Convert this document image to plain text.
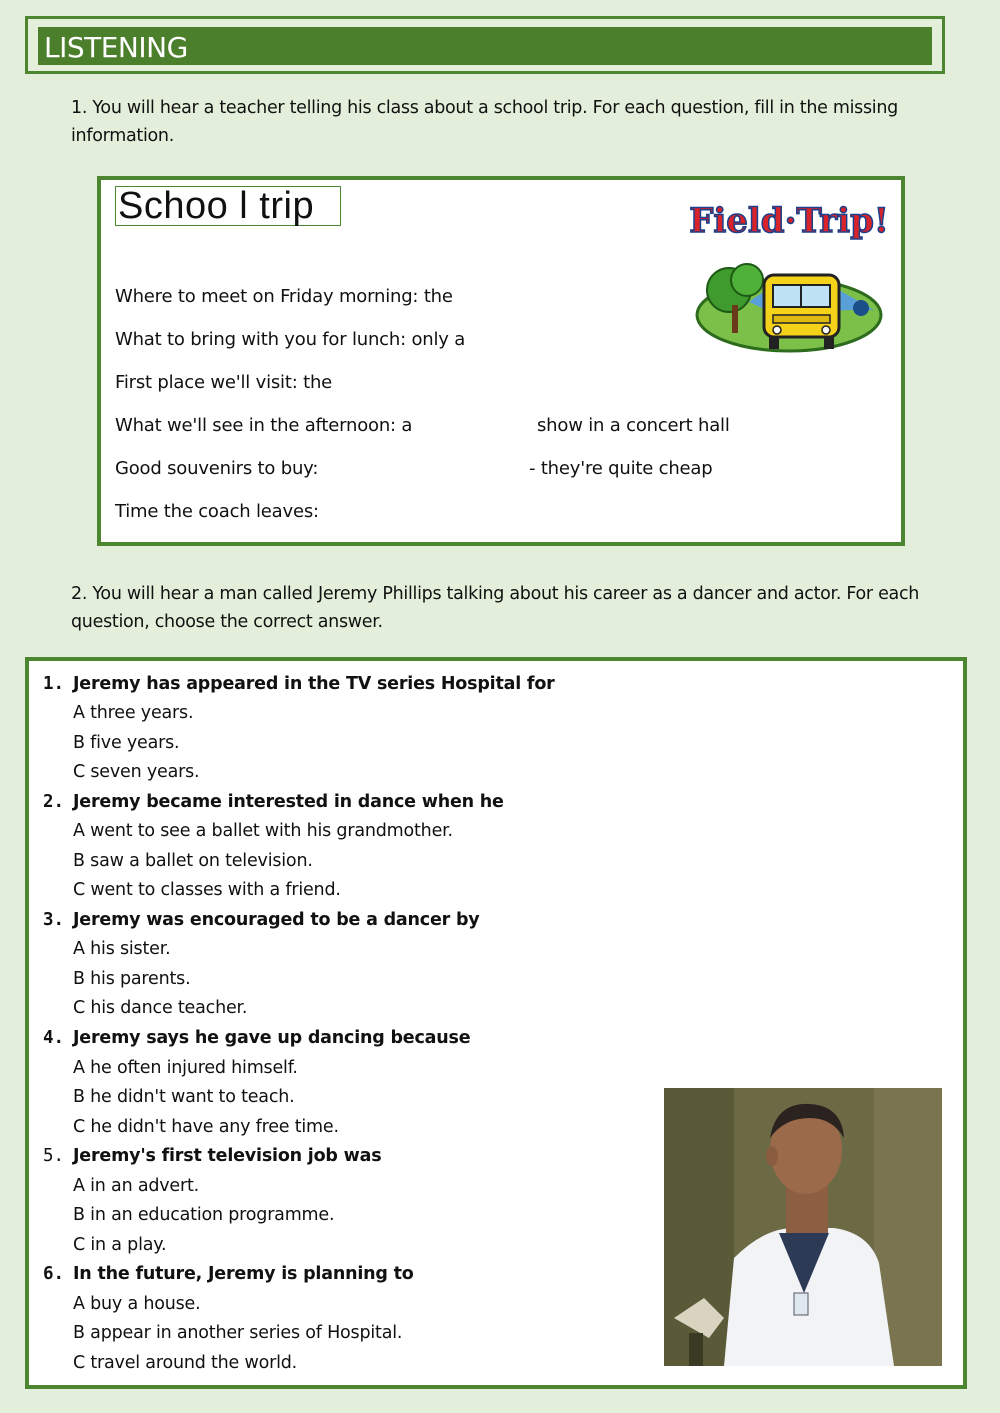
LISTENING
1. You will hear a teacher telling his class about a school trip. For each question, fill in the missing information.
Schoo l trip
Where to meet on Friday morning: the
What to bring with you for lunch: only a
First place we'll visit: the
What we'll see in the afternoon: a	show in a concert hall
Good souvenirs to buy:	- they're quite cheap
Time the coach leaves:
Field·Trip!
2. You will hear a man called Jeremy Phillips talking about his career as a dancer and actor. For each question, choose the correct answer.
1. Jeremy has appeared in the TV series Hospital for
A three years.
B five years.
C seven years.
2. Jeremy became interested in dance when he
A went to see a ballet with his grandmother.
B saw a ballet on television.
C went to classes with a friend.
3. Jeremy was encouraged to be a dancer by
A his sister.
B his parents.
C his dance teacher.
4. Jeremy says he gave up dancing because
A he often injured himself.
B he didn't want to teach.
C he didn't have any free time.
5. Jeremy's first television job was
A in an advert.
B in an education programme.
C in a play.
6. In the future, Jeremy is planning to
A buy a house.
B appear in another series of Hospital.
C travel around the world.
